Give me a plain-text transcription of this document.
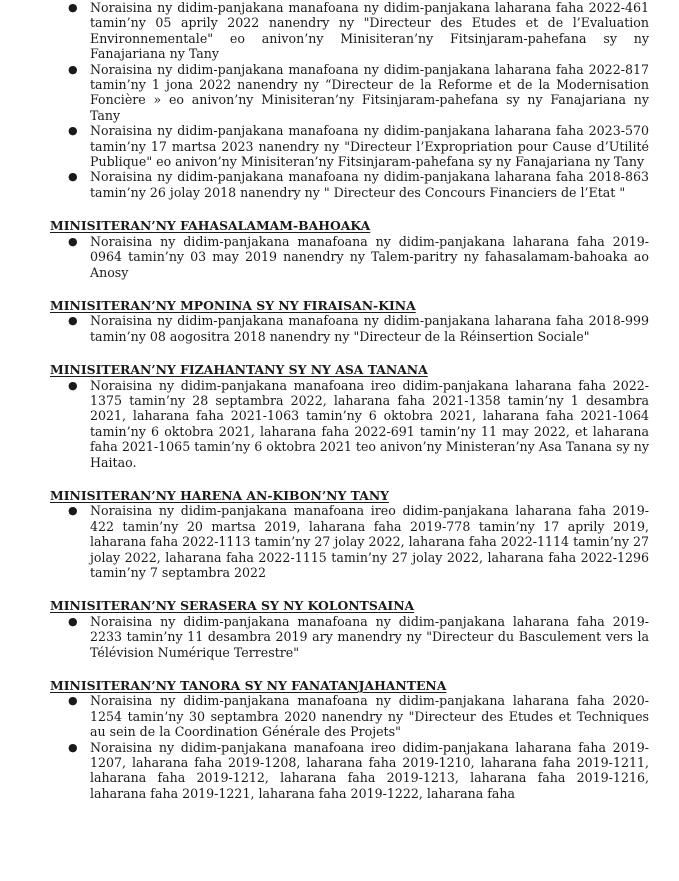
● Noraisina ny didim-panjakana manafoana ny didim-panjakana laharana faha 2022-461 tamin’ny 05 aprily 2022 nanendry ny "Directeur des Etudes et de l’Evaluation Environnementale" eo anivon’ny Minisiteran’ny Fitsinjaram-pahefana sy ny Fanajariana ny Tany
● Noraisina ny didim-panjakana manafoana ny didim-panjakana laharana faha 2022-817 tamin’ny 1 jona 2022 nanendry ny “Directeur de la Reforme et de la Modernisation Foncière » eo anivon’ny Minisiteran’ny Fitsinjaram-pahefana sy ny Fanajariana ny Tany
● Noraisina ny didim-panjakana manafoana ny didim-panjakana laharana faha 2023-570 tamin’ny 17 martsa 2023 nanendry ny "Directeur l’Expropriation pour Cause d’Utilité Publique" eo anivon’ny Minisiteran’ny Fitsinjaram-pahefana sy ny Fanajariana ny Tany
● Noraisina ny didim-panjakana manafoana ny didim-panjakana laharana faha 2018-863 tamin’ny 26 jolay 2018 nanendry ny " Directeur des Concours Financiers de l’Etat "
MINISITERAN’NY FAHASALAMAM-BAHOAKA
● Noraisina ny didim-panjakana manafoana ny didim-panjakana laharana faha 2019-0964 tamin’ny 03 may 2019 nanendry ny Talem-paritry ny fahasalamam-bahoaka ao Anosy
MINISITERAN’NY MPONINA SY NY FIRAISAN-KINA
● Noraisina ny didim-panjakana manafoana ny didim-panjakana laharana faha 2018-999 tamin’ny 08 aogositra 2018 nanendry ny "Directeur de la Réinsertion Sociale"
MINISITERAN’NY FIZAHANTANY SY NY ASA TANANA
● Noraisina ny didim-panjakana manafoana ireo didim-panjakana laharana faha 2022-1375 tamin’ny 28 septambra 2022, laharana faha 2021-1358 tamin’ny 1 desambra 2021, laharana faha 2021-1063 tamin’ny 6 oktobra 2021, laharana faha 2021-1064 tamin’ny 6 oktobra 2021, laharana faha 2022-691 tamin’ny 11 may 2022, et laharana faha 2021-1065 tamin’ny 6 oktobra 2021 teo anivon’ny Ministeran’ny Asa Tanana sy ny Haitao.
MINISITERAN’NY HARENA AN-KIBON’NY TANY
● Noraisina ny didim-panjakana manafoana ireo didim-panjakana laharana faha 2019-422 tamin’ny 20 martsa 2019, laharana faha 2019-778 tamin’ny 17 aprily 2019, laharana faha 2022-1113 tamin’ny 27 jolay 2022, laharana faha 2022-1114 tamin’ny 27 jolay 2022, laharana faha 2022-1115 tamin’ny 27 jolay 2022, laharana faha 2022-1296 tamin’ny 7 septambra 2022
MINISITERAN’NY SERASERA SY NY KOLONTSAINA
● Noraisina ny didim-panjakana manafoana ny didim-panjakana laharana faha 2019-2233 tamin’ny 11 desambra 2019 ary manendry ny "Directeur du Basculement vers la Télévision Numérique Terrestre"
MINISITERAN’NY TANORA SY NY FANATANJAHANTENA
● Noraisina ny didim-panjakana manafoana ny didim-panjakana laharana faha 2020-1254 tamin’ny 30 septambra 2020 nanendry ny "Directeur des Etudes et Techniques au sein de la Coordination Générale des Projets"
● Noraisina ny didim-panjakana manafoana ireo didim-panjakana laharana faha 2019-1207, laharana faha 2019-1208, laharana faha 2019-1210, laharana faha 2019-1211, laharana faha 2019-1212, laharana faha 2019-1213, laharana faha 2019-1216, laharana faha 2019-1221, laharana faha 2019-1222, laharana faha
